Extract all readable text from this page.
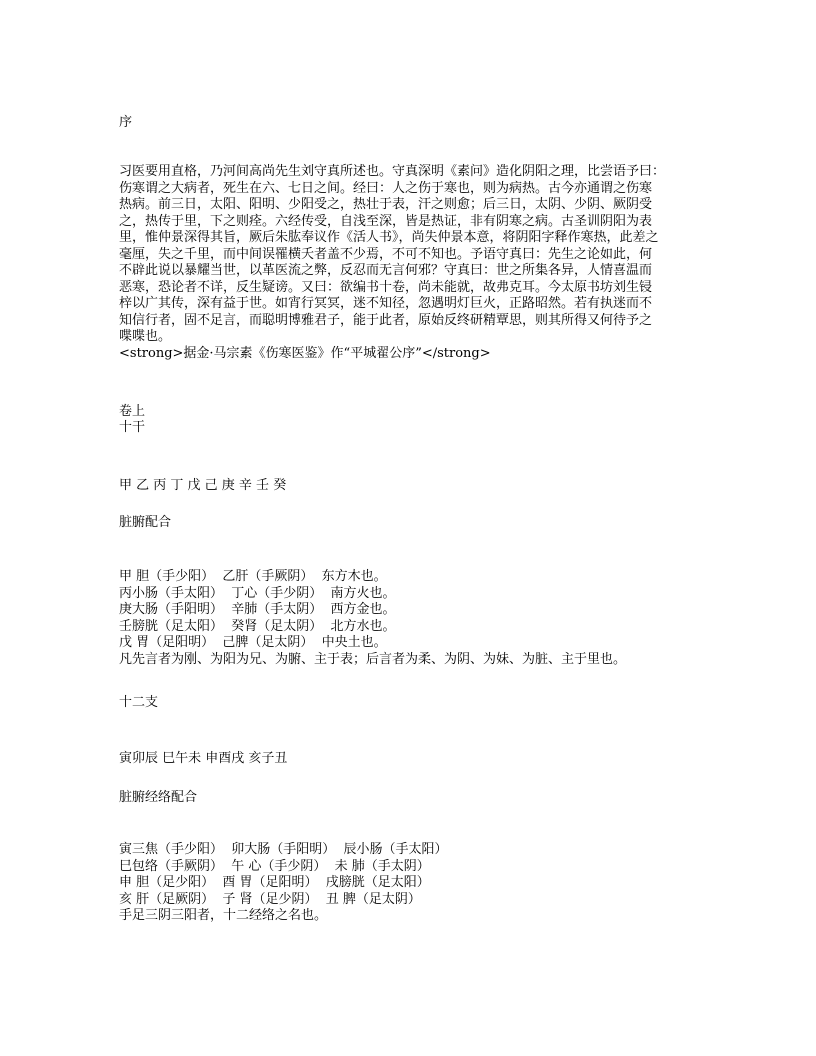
序
习医要用直格，乃河间高尚先生刘守真所述也。守真深明《素问》造化阴阳之理，比尝语予曰：
伤寒谓之大病者，死生在六、七日之间。经曰：人之伤于寒也，则为病热。古今亦通谓之伤寒
热病。前三日，太阳、阳明、少阳受之，热壮于表，汗之则愈；后三日，太阴、少阴、厥阴受
之，热传于里，下之则痊。六经传受，自浅至深，皆是热证，非有阴寒之病。古圣训阴阳为表
里，惟仲景深得其旨，厥后朱肱奉议作《活人书》，尚失仲景本意，将阴阳字释作寒热，此差之
毫厘，失之千里，而中间误罹横夭者盖不少焉，不可不知也。予语守真曰：先生之论如此，何
不辟此说以暴耀当世，以革医流之弊，反忍而无言何邪？守真曰：世之所集各异，人情喜温而
恶寒，恐论者不详，反生疑谤。又曰：欲编书十卷，尚未能就，故弗克耳。今太原书坊刘生锓
梓以广其传，深有益于世。如宵行冥冥，迷不知径，忽遇明灯巨火，正路昭然。若有执迷而不
知信行者，固不足言，而聪明博雅君子，能于此者，原始反终研精覃思，则其所得又何待予之
喋喋也。
<strong>据金·马宗素《伤寒医鉴》作“平城翟公序”</strong>
卷上
十干
甲 乙 丙 丁 戊 己 庚 辛 壬 癸
脏腑配合
甲 胆（手少阳）  乙肝（手厥阴）  东方木也。
丙小肠（手太阳）  丁心（手少阴）  南方火也。
庚大肠（手阳明）  辛肺（手太阴）  西方金也。
壬膀胱（足太阳）  癸肾（足太阴）  北方水也。
戊 胃（足阳明）  己脾（足太阴）  中央土也。
凡先言者为刚、为阳为兄、为腑、主于表；后言者为柔、为阴、为妹、为脏、主于里也。
十二支
寅卯辰 巳午未 申酉戌 亥子丑
脏腑经络配合
寅三焦（手少阳）  卯大肠（手阳明）  辰小肠（手太阳）
巳包络（手厥阴）  午 心（手少阴）  未 肺（手太阴）
申 胆（足少阳）  酉 胃（足阳明）  戌膀胱（足太阳）
亥 肝（足厥阴）  子 肾（足少阴）  丑 脾（足太阴）
手足三阴三阳者，十二经络之名也。
